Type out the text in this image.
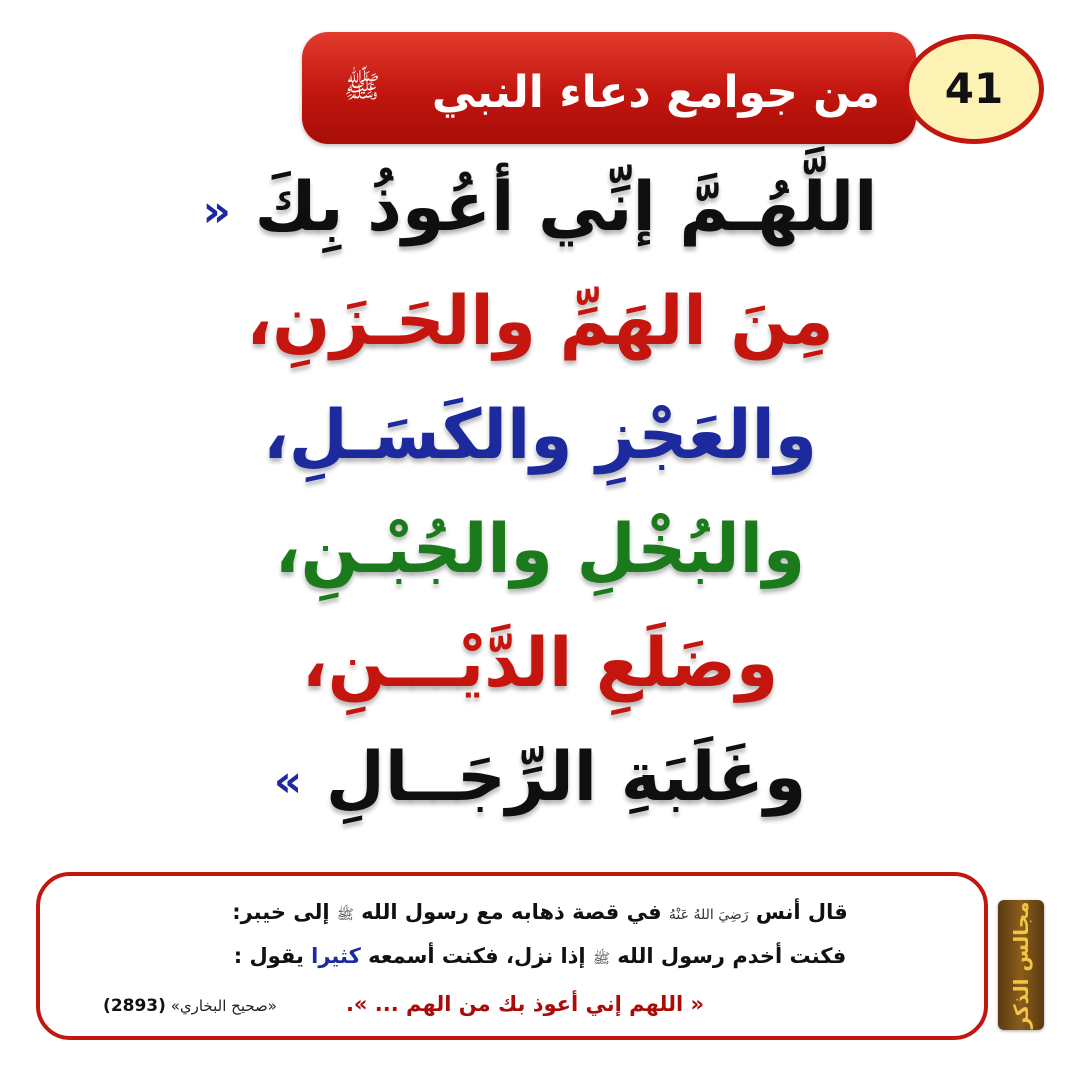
من جوامع دعاء النبي
ﷺ	41
اللَّهُـمَّ إنِّي أعُوذُ بِكَ «
مِنَ الهَمِّ والحَـزَنِ،
والعَجْزِ والكَسَـلِ،
والبُخْلِ والجُبْـنِ،
وضَلَعِ الدَّيْـــنِ،
وغَلَبَةِ الرِّجَــالِ »
قال أنس رَضِيَ اللهُ عَنْهُ في قصة ذهابه مع رسول الله ﷺ إلى خيبر:
فكنت أخدم رسول الله ﷺ إذا نزل، فكنت أسمعه كثيرا يقول :
« اللهم إني أعوذ بك من الهم ... ».
«صحيح البخاري» (2893)	مجالس الذكر
